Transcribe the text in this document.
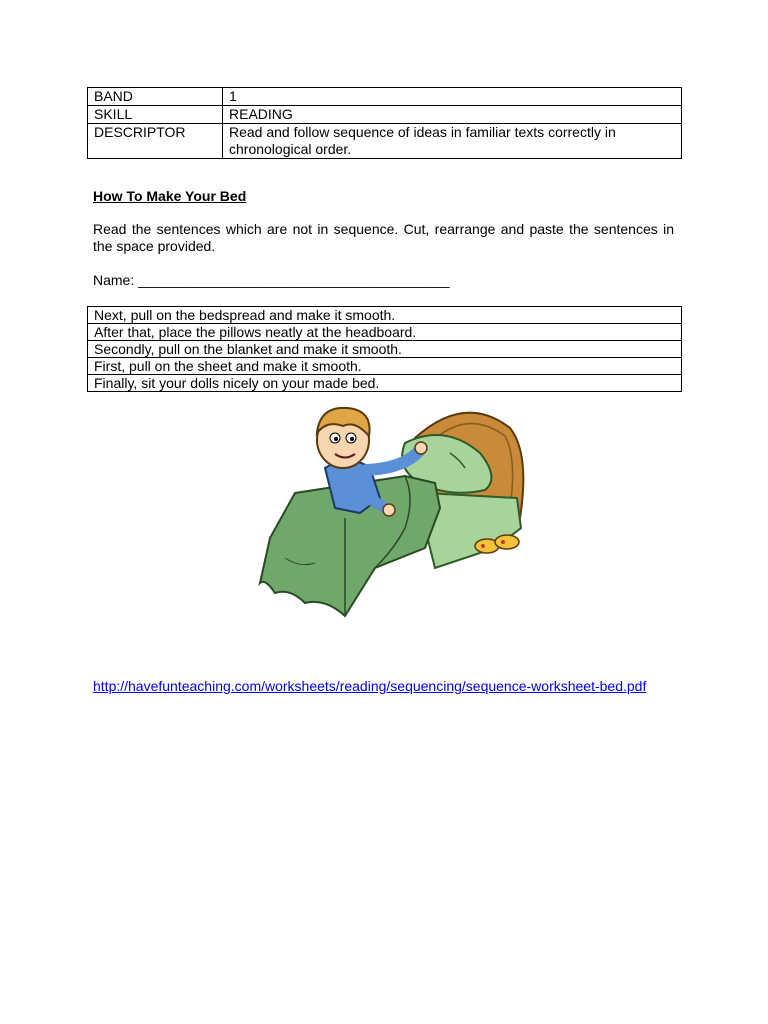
BAND	1
SKILL	READING
DESCRIPTOR	Read and follow sequence of ideas in familiar texts correctly in chronological order.
How To Make Your Bed
Read the sentences which are not in sequence. Cut, rearrange and paste the sentences in the space provided.
Name: ________________________________________
Next, pull on the bedspread and make it smooth.
After that, place the pillows neatly at the headboard.
Secondly, pull on the blanket and make it smooth.
First, pull on the sheet and make it smooth.
Finally, sit your dolls nicely on your made bed.
http://havefunteaching.com/worksheets/reading/sequencing/sequence-worksheet-bed.pdf
